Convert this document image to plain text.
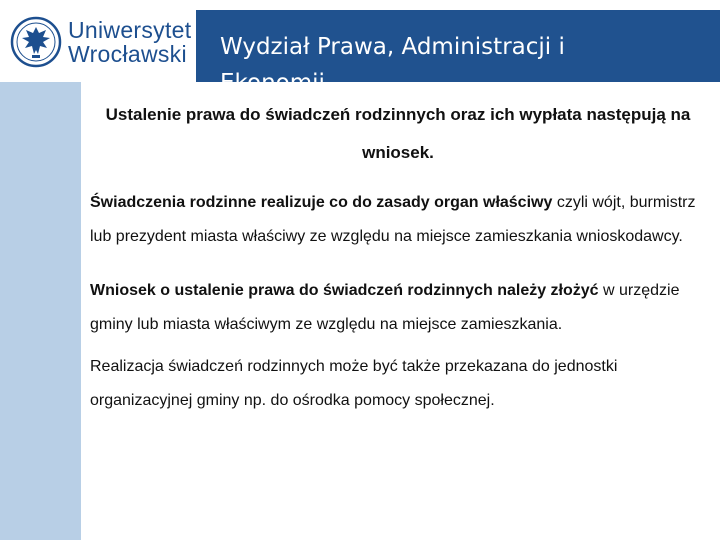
Uniwersytet
Wrocławski Wydział Prawa, Administracji i Ekonomii

Ustalenie prawa do świadczeń rodzinnych oraz ich wypłata następują na wniosek.

Świadczenia rodzinne realizuje co do zasady organ właściwy czyli wójt, burmistrz lub prezydent miasta właściwy ze względu na miejsce zamieszkania wnioskodawcy.

Wniosek o ustalenie prawa do świadczeń rodzinnych należy złożyć w urzędzie gminy lub miasta właściwym ze względu na miejsce zamieszkania.

Realizacja świadczeń rodzinnych może być także przekazana do jednostki organizacyjnej gminy np. do ośrodka pomocy społecznej.
